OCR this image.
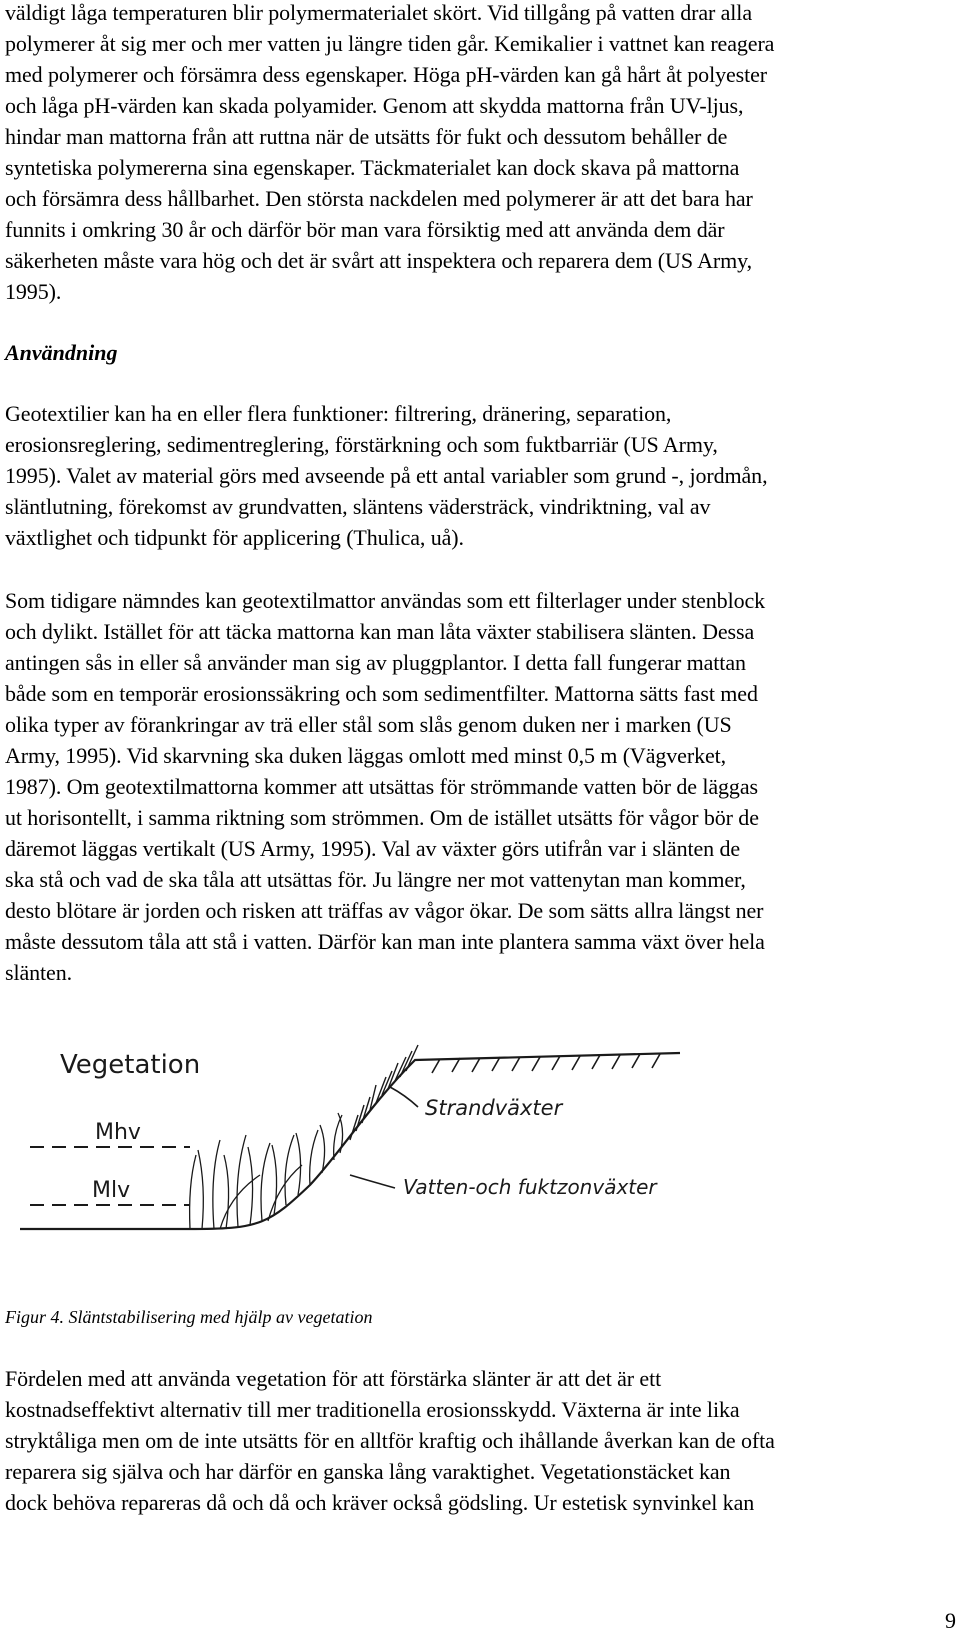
väldigt låga temperaturen blir polymermaterialet skört. Vid tillgång på vatten drar alla
polymerer åt sig mer och mer vatten ju längre tiden går. Kemikalier i vattnet kan reagera
med polymerer och försämra dess egenskaper. Höga pH-värden kan gå hårt åt polyester
och låga pH-värden kan skada polyamider. Genom att skydda mattorna från UV-ljus,
hindar man mattorna från att ruttna när de utsätts för fukt och dessutom behåller de
syntetiska polymererna sina egenskaper. Täckmaterialet kan dock skava på mattorna
och försämra dess hållbarhet. Den största nackdelen med polymerer är att det bara har
funnits i omkring 30 år och därför bör man vara försiktig med att använda dem där
säkerheten måste vara hög och det är svårt att inspektera och reparera dem (US Army,
1995).

Användning

Geotextilier kan ha en eller flera funktioner: filtrering, dränering, separation,
erosionsreglering, sedimentreglering, förstärkning och som fuktbarriär (US Army,
1995). Valet av material görs med avseende på ett antal variabler som grund -, jordmån,
släntlutning, förekomst av grundvatten, släntens vädersträck, vindriktning, val av
växtlighet och tidpunkt för applicering (Thulica, uå).

Som tidigare nämndes kan geotextilmattor användas som ett filterlager under stenblock
och dylikt. Istället för att täcka mattorna kan man låta växter stabilisera slänten. Dessa
antingen sås in eller så använder man sig av pluggplantor. I detta fall fungerar mattan
både som en temporär erosionssäkring och som sedimentfilter. Mattorna sätts fast med
olika typer av förankringar av trä eller stål som slås genom duken ner i marken (US
Army, 1995). Vid skarvning ska duken läggas omlott med minst 0,5 m (Vägverket,
1987). Om geotextilmattorna kommer att utsättas för strömmande vatten bör de läggas
ut horisontellt, i samma riktning som strömmen. Om de istället utsätts för vågor bör de
däremot läggas vertikalt (US Army, 1995). Val av växter görs utifrån var i slänten de
ska stå och vad de ska tåla att utsättas för. Ju längre ner mot vattenytan man kommer,
desto blötare är jorden och risken att träffas av vågor ökar. De som sätts allra längst ner
måste dessutom tåla att stå i vatten. Därför kan man inte plantera samma växt över hela
slänten.

Vegetation
Mhv
Mlv
Strandväxter
Vatten-och fuktzonväxter

Figur 4. Släntstabilisering med hjälp av vegetation

Fördelen med att använda vegetation för att förstärka slänter är att det är ett
kostnadseffektivt alternativ till mer traditionella erosionsskydd. Växterna är inte lika
stryktåliga men om de inte utsätts för en alltför kraftig och ihållande åverkan kan de ofta
reparera sig själva och har därför en ganska lång varaktighet. Vegetationstäcket kan
dock behöva repareras då och då och kräver också gödsling. Ur estetisk synvinkel kan

9
